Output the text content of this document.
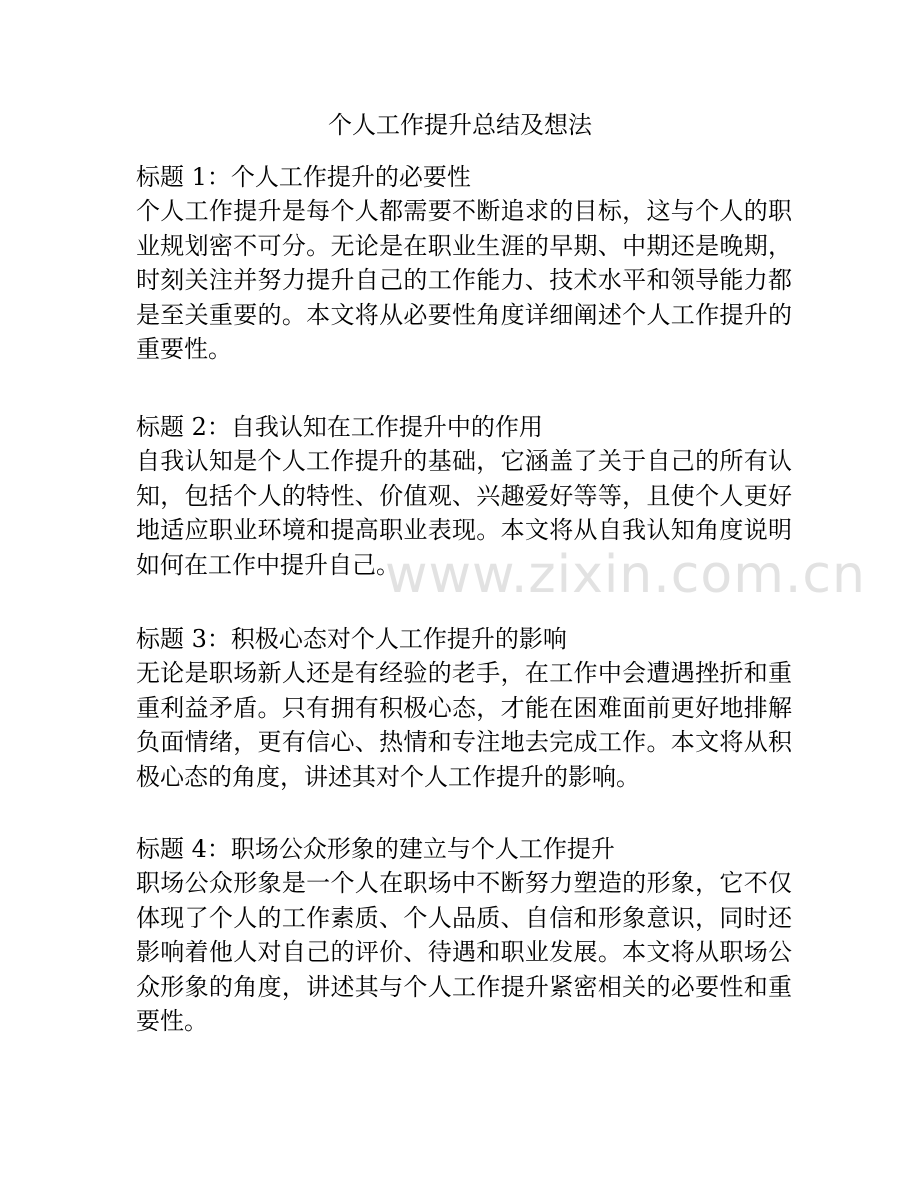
个人工作提升总结及想法
标题 1：个人工作提升的必要性

个人工作提升是每个人都需要不断追求的目标，这与个人的职业规划密不可分。无论是在职业生涯的早期、中期还是晚期，时刻关注并努力提升自己的工作能力、技术水平和领导能力都是至关重要的。本文将从必要性角度详细阐述个人工作提升的重要性。

标题 2：自我认知在工作提升中的作用

自我认知是个人工作提升的基础，它涵盖了关于自己的所有认知，包括个人的特性、价值观、兴趣爱好等等，且使个人更好地适应职业环境和提高职业表现。本文将从自我认知角度说明如何在工作中提升自己。

标题 3：积极心态对个人工作提升的影响

无论是职场新人还是有经验的老手，在工作中会遭遇挫折和重重利益矛盾。只有拥有积极心态，才能在困难面前更好地排解负面情绪，更有信心、热情和专注地去完成工作。本文将从积极心态的角度，讲述其对个人工作提升的影响。

标题 4：职场公众形象的建立与个人工作提升

职场公众形象是一个人在职场中不断努力塑造的形象，它不仅体现了个人的工作素质、个人品质、自信和形象意识，同时还影响着他人对自己的评价、待遇和职业发展。本文将从职场公众形象的角度，讲述其与个人工作提升紧密相关的必要性和重要性。

www.zixin.com.cn
